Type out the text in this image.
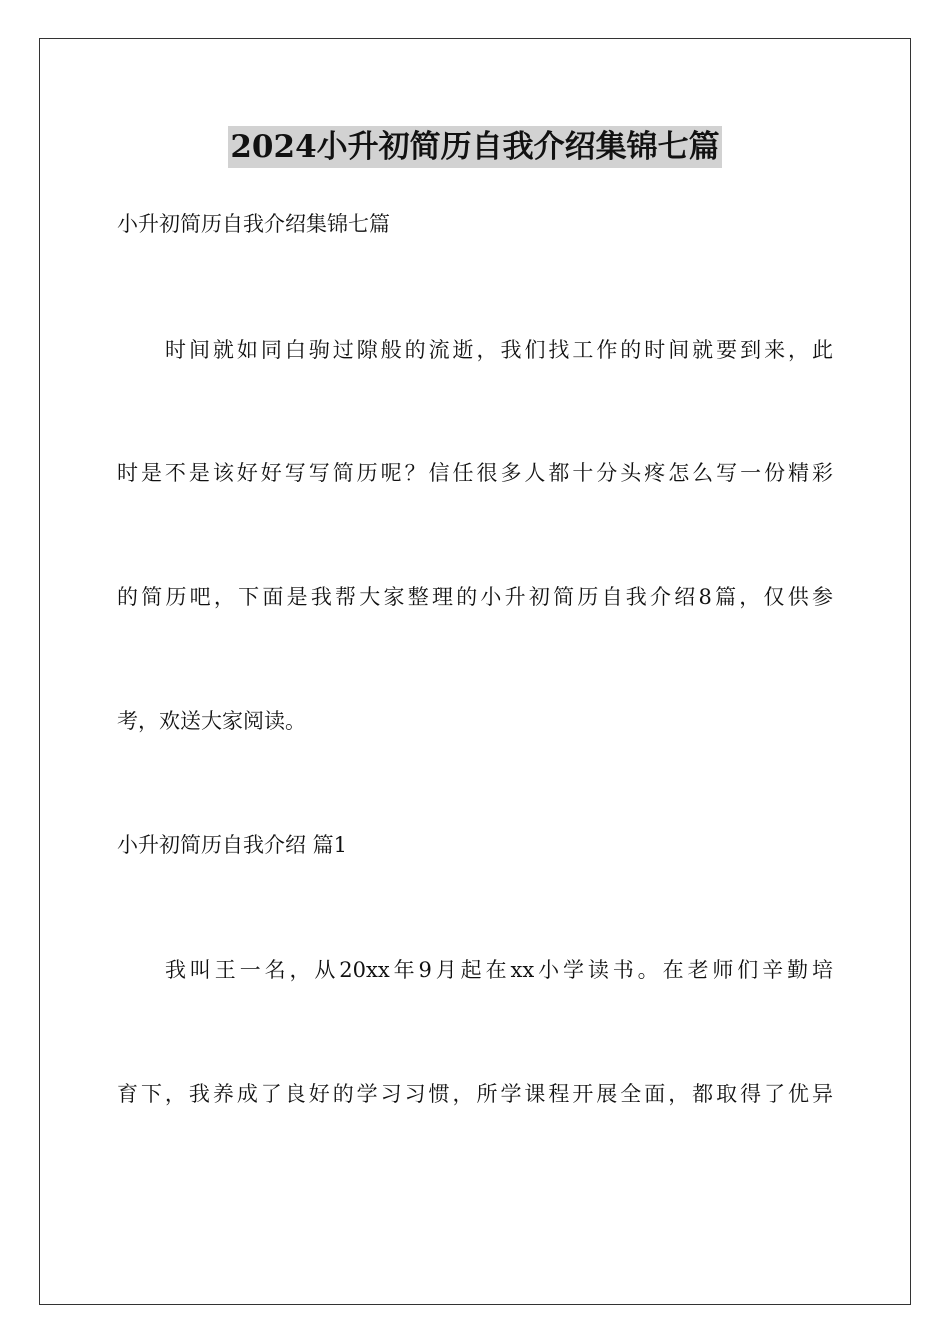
2024小升初简历自我介绍集锦七篇

小升初简历自我介绍集锦七篇

时间就如同白驹过隙般的流逝，我们找工作的时间就要到来，此

时是不是该好好写写简历呢？信任很多人都十分头疼怎么写一份精彩

的简历吧，下面是我帮大家整理的小升初简历自我介绍8篇，仅供参

考，欢送大家阅读。

小升初简历自我介绍 篇1

我叫王一名，从20xx年9月起在xx小学读书。在老师们辛勤培

育下，我养成了良好的学习习惯，所学课程开展全面，都取得了优异
